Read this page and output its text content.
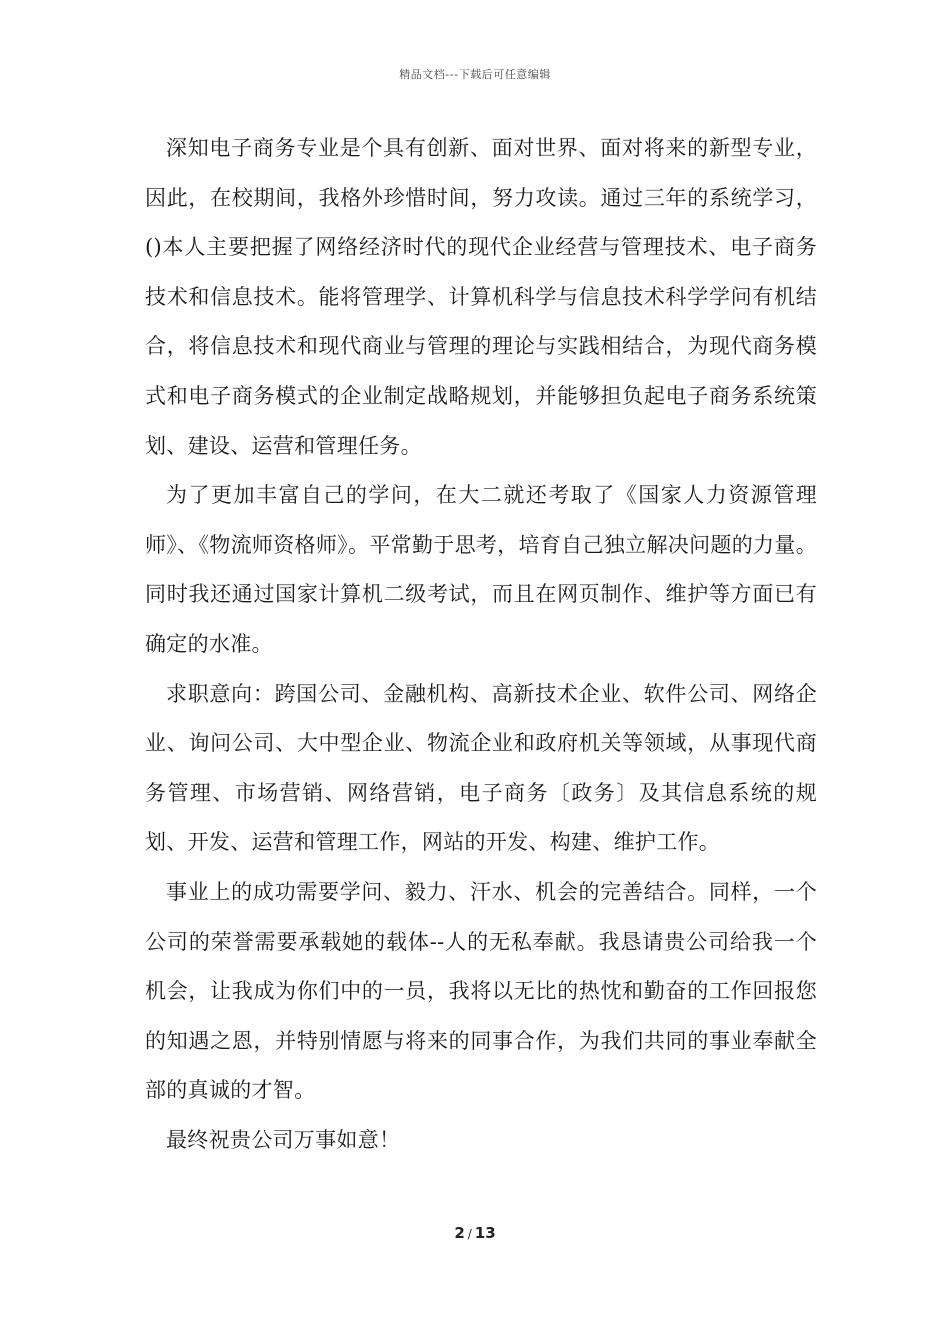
精品文档---下载后可任意编辑

深知电子商务专业是个具有创新、面对世界、面对将来的新型专业，因此，在校期间，我格外珍惜时间，努力攻读。通过三年的系统学习，()本人主要把握了网络经济时代的现代企业经营与管理技术、电子商务技术和信息技术。能将管理学、计算机科学与信息技术科学学问有机结合，将信息技术和现代商业与管理的理论与实践相结合，为现代商务模式和电子商务模式的企业制定战略规划，并能够担负起电子商务系统策划、建设、运营和管理任务。

为了更加丰富自己的学问，在大二就还考取了《国家人力资源管理师》、《物流师资格师》。平常勤于思考，培育自己独立解决问题的力量。同时我还通过国家计算机二级考试，而且在网页制作、维护等方面已有确定的水准。

求职意向：跨国公司、金融机构、高新技术企业、软件公司、网络企业、询问公司、大中型企业、物流企业和政府机关等领域，从事现代商务管理、市场营销、网络营销，电子商务〔政务〕及其信息系统的规划、开发、运营和管理工作，网站的开发、构建、维护工作。

事业上的成功需要学问、毅力、汗水、机会的完善结合。同样，一个公司的荣誉需要承载她的载体--人的无私奉献。我恳请贵公司给我一个机会，让我成为你们中的一员，我将以无比的热忱和勤奋的工作回报您的知遇之恩，并特别情愿与将来的同事合作，为我们共同的事业奉献全部的真诚的才智。

最终祝贵公司万事如意！

2 / 13
